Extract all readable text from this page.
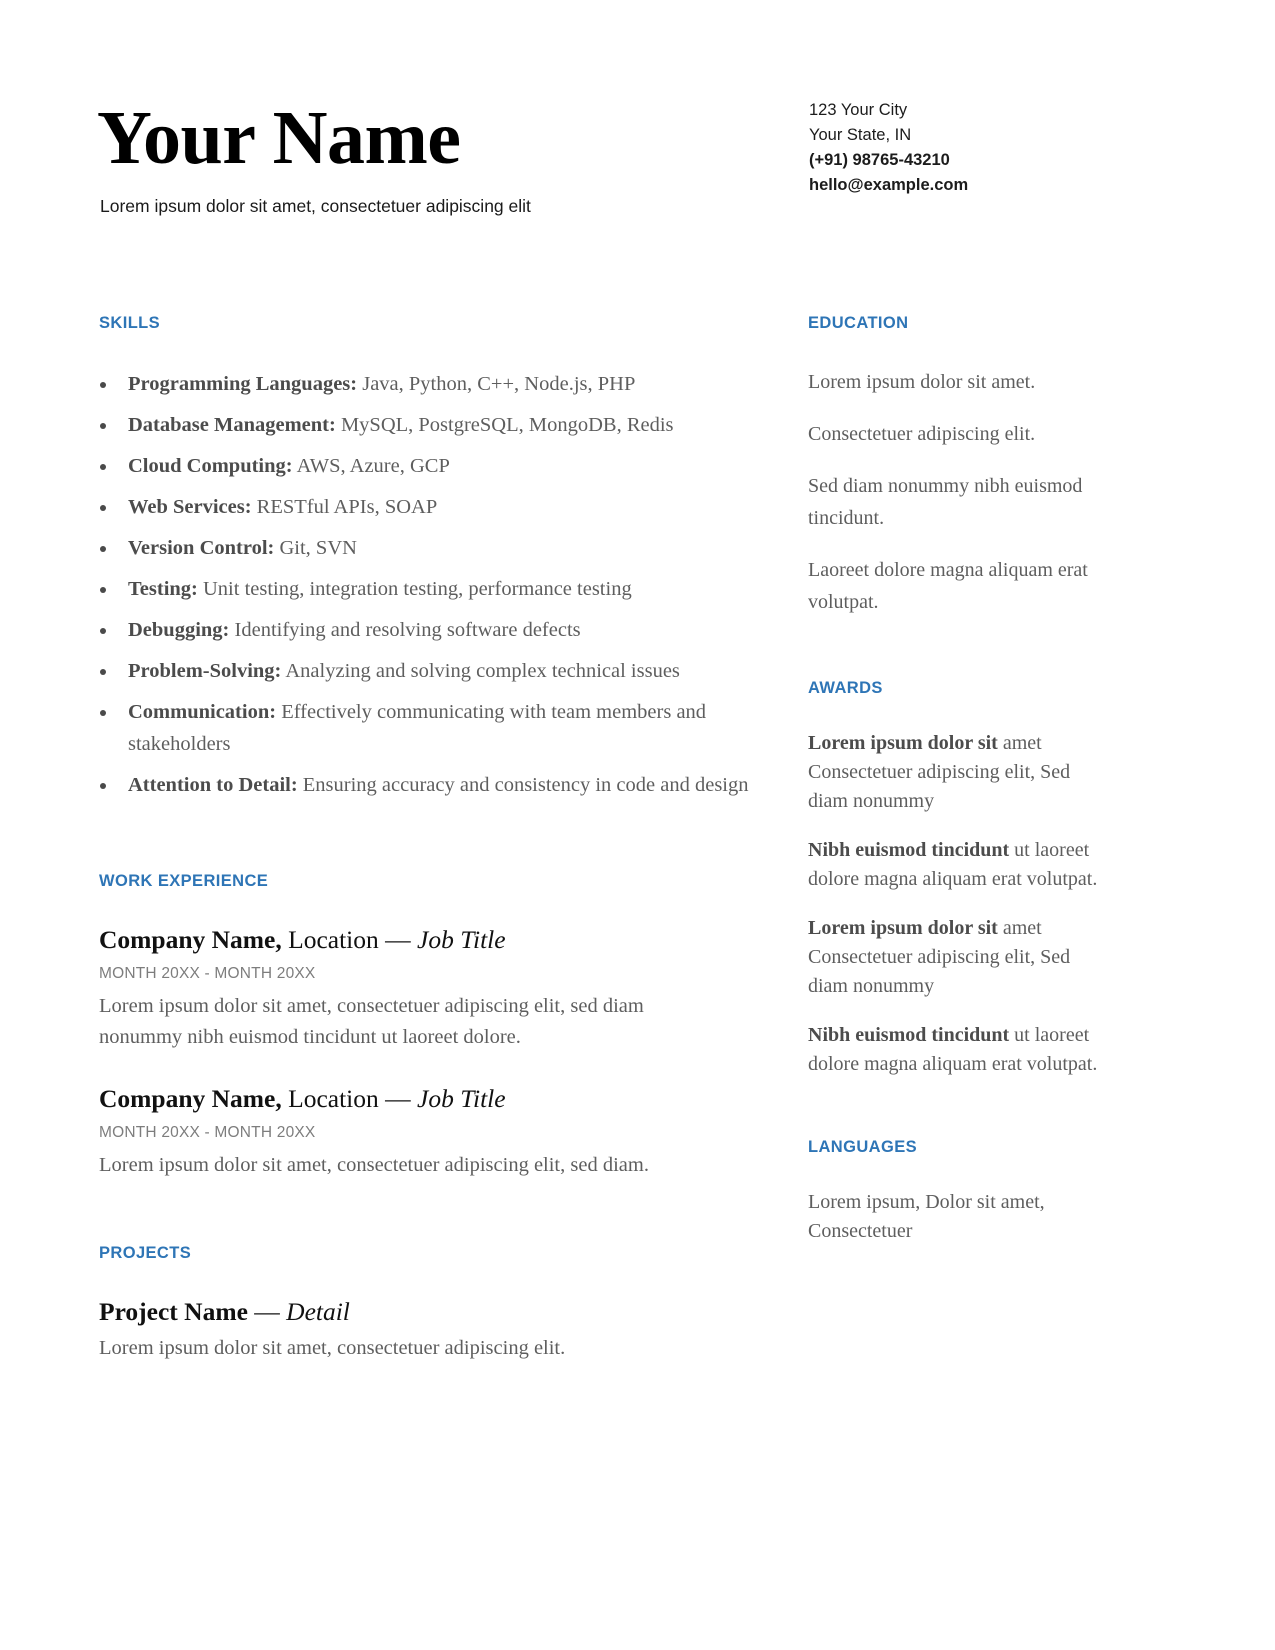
Your Name
Lorem ipsum dolor sit amet, consectetuer adipiscing elit
123 Your City
Your State, IN
(+91) 98765-43210
hello@example.com
SKILLS
Programming Languages: Java, Python, C++, Node.js, PHP
Database Management: MySQL, PostgreSQL, MongoDB, Redis
Cloud Computing: AWS, Azure, GCP
Web Services: RESTful APIs, SOAP
Version Control: Git, SVN
Testing: Unit testing, integration testing, performance testing
Debugging: Identifying and resolving software defects
Problem-Solving: Analyzing and solving complex technical issues
Communication: Effectively communicating with team members and stakeholders
Attention to Detail: Ensuring accuracy and consistency in code and design
WORK EXPERIENCE
Company Name, Location — Job Title
MONTH 20XX - MONTH 20XX
Lorem ipsum dolor sit amet, consectetuer adipiscing elit, sed diam nonummy nibh euismod tincidunt ut laoreet dolore.
Company Name, Location — Job Title
MONTH 20XX - MONTH 20XX
Lorem ipsum dolor sit amet, consectetuer adipiscing elit, sed diam.
PROJECTS
Project Name — Detail
Lorem ipsum dolor sit amet, consectetuer adipiscing elit.
EDUCATION
Lorem ipsum dolor sit amet.
Consectetuer adipiscing elit.
Sed diam nonummy nibh euismod tincidunt.
Laoreet dolore magna aliquam erat volutpat.
AWARDS
Lorem ipsum dolor sit amet Consectetuer adipiscing elit, Sed diam nonummy
Nibh euismod tincidunt ut laoreet dolore magna aliquam erat volutpat.
Lorem ipsum dolor sit amet Consectetuer adipiscing elit, Sed diam nonummy
Nibh euismod tincidunt ut laoreet dolore magna aliquam erat volutpat.
LANGUAGES
Lorem ipsum, Dolor sit amet, Consectetuer
